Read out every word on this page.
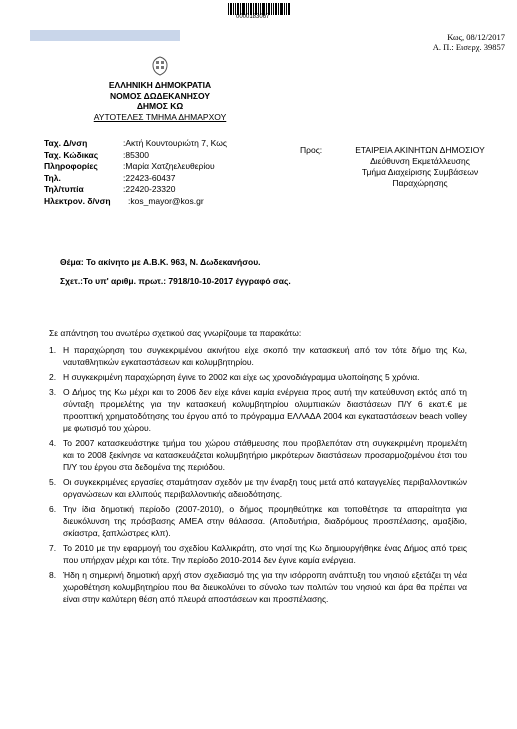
0000183067
Κως, 08/12/2017
Α. Π.: Εισερχ. 39857
ΕΛΛΗΝΙΚΗ ΔΗΜΟΚΡΑΤΙΑ
ΝΟΜΟΣ ΔΩΔΕΚΑΝΗΣΟΥ
ΔΗΜΟΣ ΚΩ
ΑΥΤΟΤΕΛΕΣ ΤΜΗΜΑ ΔΗΜΑΡΧΟΥ
Ταχ. Δ/νση	:Ακτή Κουντουριώτη 7, Κως
Ταχ. Κώδικας	:85300
Πληροφορίες	:Μαρία Χατζηελευθερίου
Τηλ.	:22423-60437
Τηλ/τυπία	:22420-23320
Ηλεκτρον. δ/νση	:kos_mayor@kos.gr
Προς:	ΕΤΑΙΡΕΙΑ ΑΚΙΝΗΤΩΝ ΔΗΜΟΣΙΟΥ
Διεύθυνση Εκμετάλλευσης
Τμήμα Διαχείρισης Συμβάσεων
Παραχώρησης
Θέμα: Το ακίνητο με Α.Β.Κ. 963, Ν. Δωδεκανήσου.
Σχετ.:Το υπ' αριθμ. πρωτ.: 7918/10-10-2017 έγγραφό σας.
Σε απάντηση του ανωτέρω σχετικού σας γνωρίζουμε τα παρακάτω:
1. Η παραχώρηση του συγκεκριμένου ακινήτου είχε σκοπό την κατασκευή από τον τότε δήμο της Κω, ναυταθλητικών εγκαταστάσεων και κολυμβητηρίου.
2. Η συγκεκριμένη παραχώρηση έγινε το 2002 και είχε ως χρονοδιάγραμμα υλοποίησης 5 χρόνια.
3. Ο Δήμος της Κω μέχρι και το 2006 δεν είχε κάνει καμία ενέργεια προς αυτή την κατεύθυνση εκτός από τη σύνταξη προμελέτης για την κατασκευή κολυμβητηρίου ολυμπιακών διαστάσεων Π/Υ 6 εκατ.€ με προοπτική χρηματοδότησης του έργου από το πρόγραμμα ΕΛΛΑΔΑ 2004 και εγκαταστάσεων beach volley με φωτισμό του χώρου.
4. Το 2007 κατασκευάστηκε τμήμα του χώρου στάθμευσης που προβλεπόταν στη συγκεκριμένη προμελέτη και το 2008 ξεκίνησε να κατασκευάζεται κολυμβητήριο μικρότερων διαστάσεων προσαρμοζομένου έτσι του Π/Υ του έργου στα δεδομένα της περιόδου.
5. Οι συγκεκριμένες εργασίες σταμάτησαν σχεδόν με την έναρξη τους μετά από καταγγελίες περιβαλλοντικών οργανώσεων και ελλιπούς περιβαλλοντικής αδειοδότησης.
6. Την ίδια δημοτική περίοδο (2007-2010), ο δήμος προμηθεύτηκε και τοποθέτησε τα απαραίτητα για διευκόλυνση της πρόσβασης ΑΜΕΑ στην θάλασσα. (Αποδυτήρια, διαδρόμους προσπέλασης, αμαξίδιο, σκίαστρα, ξαπλώστρες κλπ).
7. Το 2010 με την εφαρμογή του σχεδίου Καλλικράτη, στο νησί της Κω δημιουργήθηκε ένας Δήμος από τρεις που υπήρχαν μέχρι και τότε. Την περίοδο 2010-2014 δεν έγινε καμία ενέργεια.
8. Ήδη η σημερινή δημοτική αρχή στον σχεδιασμό της για την ισόρροπη ανάπτυξη του νησιού εξετάζει τη νέα χωροθέτηση κολυμβητηρίου που θα διευκολύνει το σύνολο των πολιτών του νησιού και άρα θα πρέπει να είναι στην καλύτερη θέση από πλευρά αποστάσεων και προσπέλασης.
